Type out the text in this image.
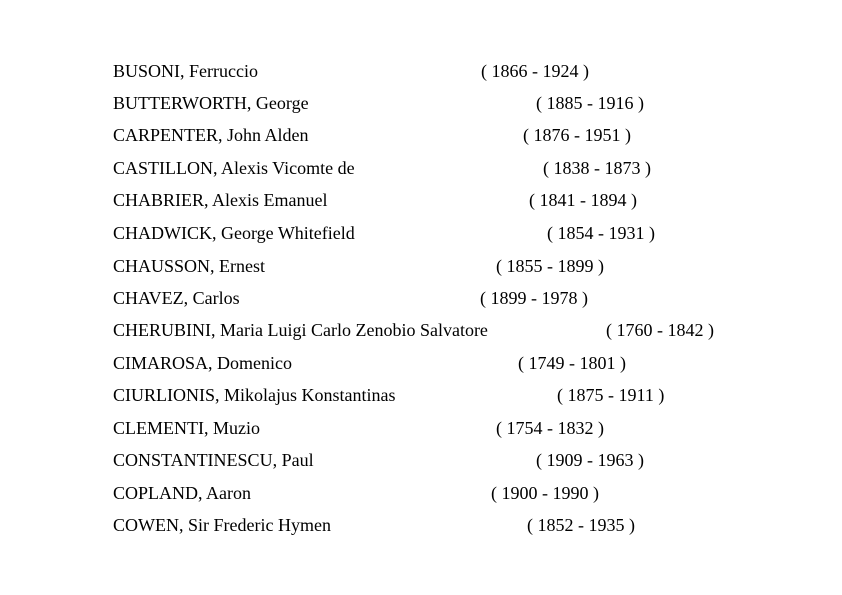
BUSONI, Ferruccio	( 1866 - 1924 )
BUTTERWORTH, George	( 1885 - 1916 )
CARPENTER, John Alden	( 1876 - 1951 )
CASTILLON, Alexis Vicomte de	( 1838 - 1873 )
CHABRIER, Alexis Emanuel	( 1841 - 1894 )
CHADWICK, George Whitefield	( 1854 - 1931 )
CHAUSSON, Ernest	( 1855 - 1899 )
CHAVEZ, Carlos	( 1899 - 1978 )
CHERUBINI, Maria Luigi Carlo Zenobio Salvatore	( 1760 - 1842 )
CIMAROSA, Domenico	( 1749 - 1801 )
CIURLIONIS, Mikolajus Konstantinas	( 1875 - 1911 )
CLEMENTI, Muzio	( 1754 - 1832 )
CONSTANTINESCU, Paul	( 1909 - 1963 )
COPLAND, Aaron	( 1900 - 1990 )
COWEN, Sir Frederic Hymen	( 1852 - 1935 )
